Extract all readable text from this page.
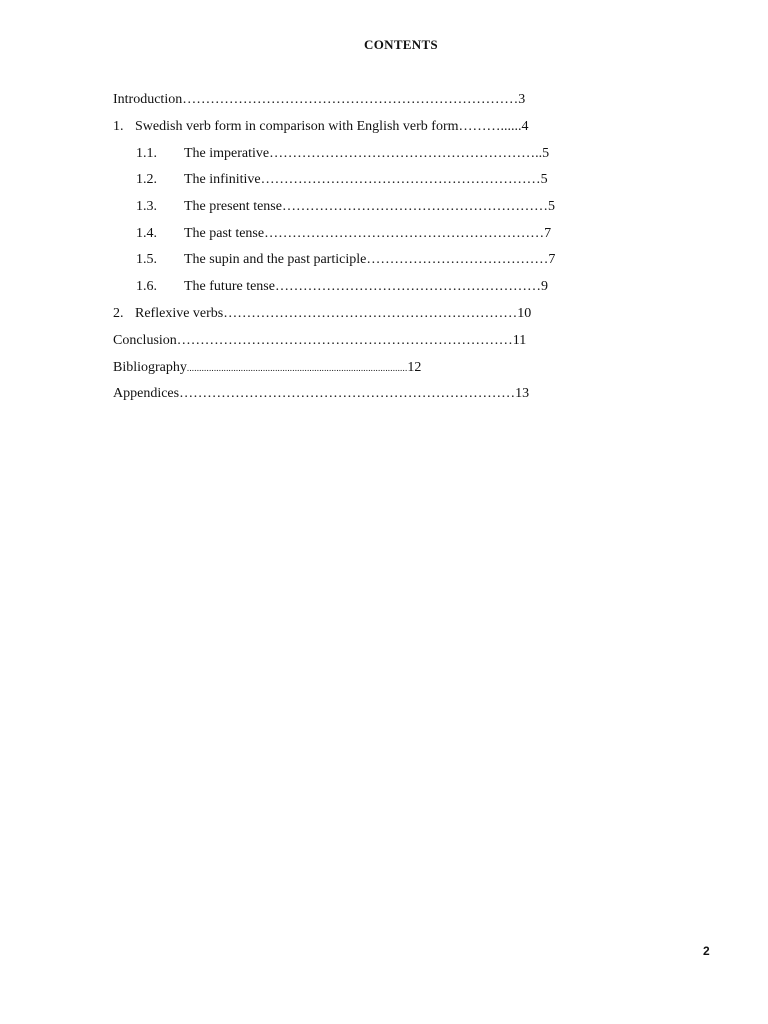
CONTENTS
Introduction………………………………………………………………3
1. Swedish verb form in comparison with English verb form………......4
1.1. The imperative…………………………………………………..5
1.2. The infinitive……………………………………………………5
1.3. The present tense…………………………………………………5
1.4. The past tense……………………………………………………7
1.5. The supin and the past participle…………………………………7
1.6. The future tense…………………………………………………9
2. Reflexive verbs………………………………………………………10
Conclusion………………………………………………………………11
Bibliography..........................................................................................12
Appendices………………………………………………………………13
2
